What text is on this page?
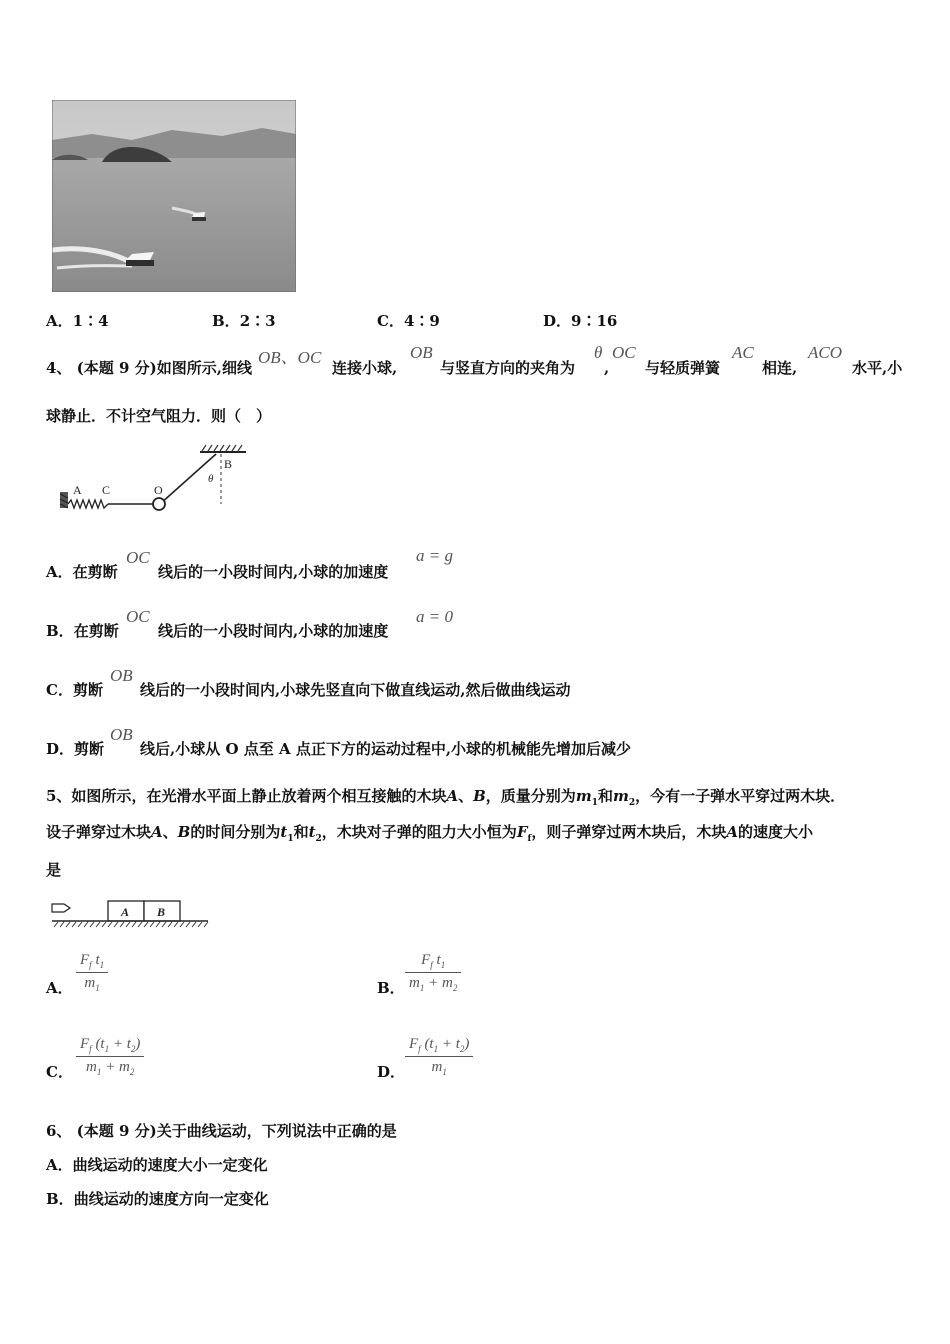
A．1∶4	B．2∶3	C．4∶9	D．9∶16
4、 (本题 9 分)如图所示,细线
OB、OC
连接小球,
OB
与竖直方向的夹角为
θ
,
OC
与轻质弹簧
AC
相连,
ACO
水平,小
球静止．不计空气阻力．则（　）
A C	O
B
θ
A．在剪断
OC
线后的一小段时间内,小球的加速度
a = g
B．在剪断
OC
线后的一小段时间内,小球的加速度
a = 0
C．剪断
OB
线后的一小段时间内,小球先竖直向下做直线运动,然后做曲线运动
D．剪断
OB
线后,小球从 O 点至 A 点正下方的运动过程中,小球的机械能先增加后减少
5、如图所示，在光滑水平面上静止放着两个相互接触的木块A、B，质量分别为$m_1$和$m_2$，今有一子弹水平穿过两木块．
设子弹穿过木块A、B的时间分别为$t_1$和$t_2$，木块对子弹的阻力大小恒为$F_f$，则子弹穿过两木块后，木块A的速度大小
是
A B
A． $\frac{F_f t_1}{m_1}$	B． $\frac{F_f t_1}{m_1 + m_2}$
C． $\frac{F_f (t_1 + t_2)}{m_1 + m_2}$	D． $\frac{F_f (t_1 + t_2)}{m_1}$
6、 (本题 9 分)关于曲线运动，下列说法中正确的是
A．曲线运动的速度大小一定变化
B．曲线运动的速度方向一定变化
